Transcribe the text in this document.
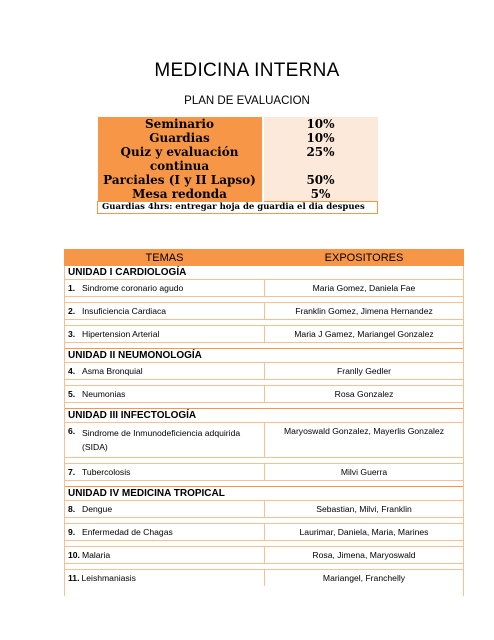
MEDICINA INTERNA
PLAN DE EVALUACION
Seminario	10%
Guardias	10%
Quiz y evaluación continua	25%
Parciales (I y II Lapso)	50%
Mesa redonda	5%
Guardias 4hrs: entregar hoja de guardia el dia despues	
TEMAS	EXPOSITORES
UNIDAD I CARDIOLOGÍA	
1. Sindrome coronario agudo	Maria Gomez, Daniela Fae

2. Insuficiencia Cardiaca	Franklin Gomez, Jimena Hernandez

3. Hipertension Arterial	Maria J Gamez, Mariangel Gonzalez

UNIDAD II NEUMONOLOGÍA	
4. Asma Bronquial	Franlly Gedler

5. Neumonias	Rosa Gonzalez

UNIDAD III INFECTOLOGÍA	
6. Sindrome de Inmunodeficiencia adquirida (SIDA)	Maryoswald Gonzalez, Mayerlis Gonzalez

7. Tubercolosis	Milvi Guerra

UNIDAD IV MEDICINA TROPICAL	
8. Dengue	Sebastian, Milvi, Franklin

9. Enfermedad de Chagas	Laurimar, Daniela, Maria, Marines

10. Malaria	Rosa, Jimena, Maryoswald

11. Leishmaniasis	Mariangel, Franchelly
